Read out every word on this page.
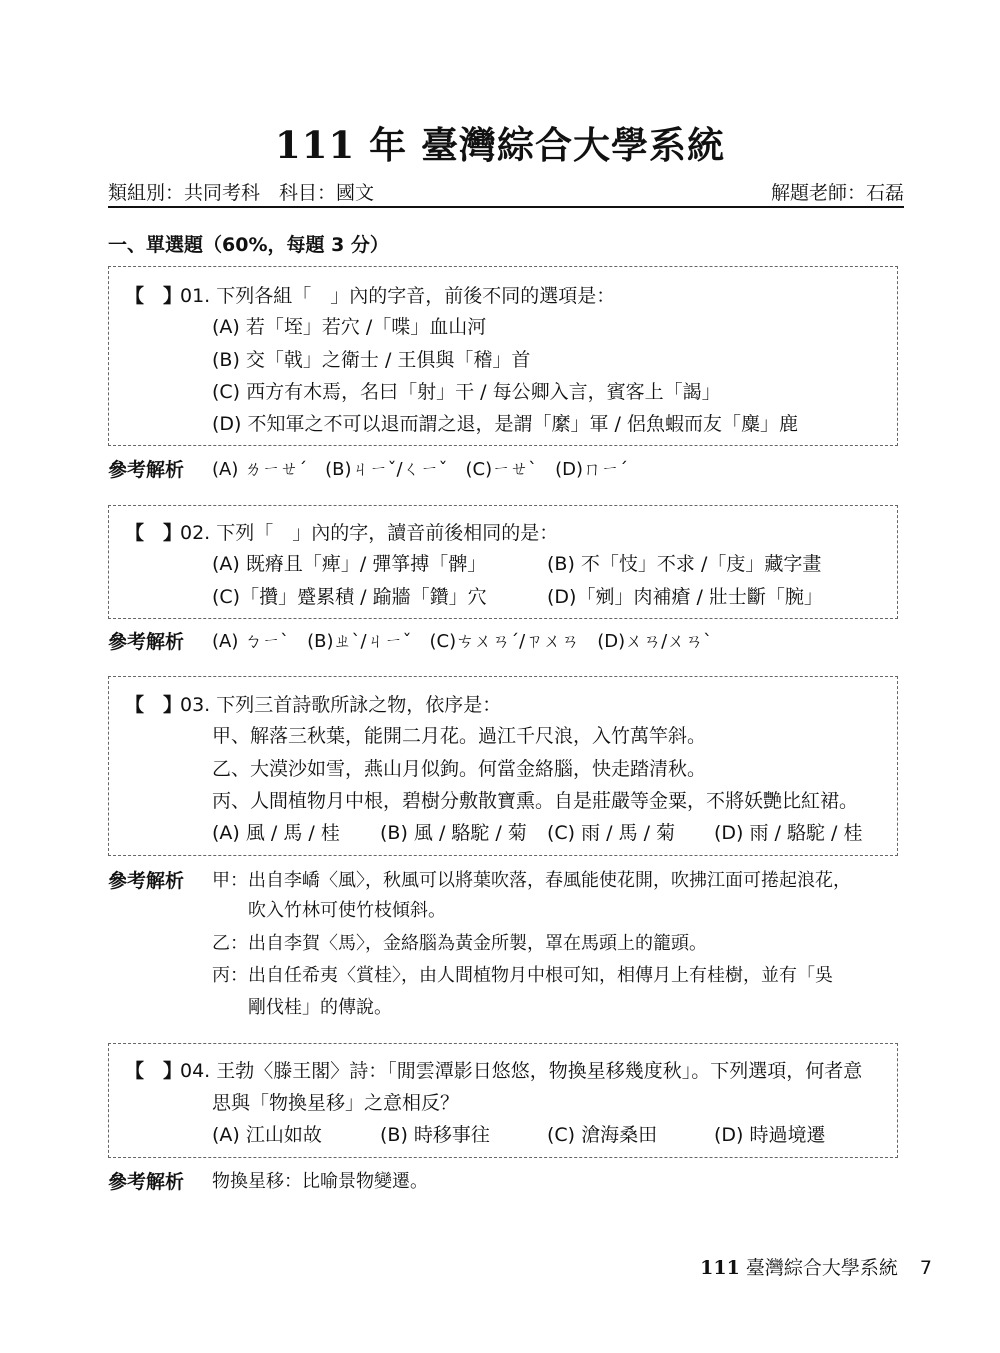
111 年 臺灣綜合大學系統
類組別：共同考科　科目：國文	解題老師：石磊
一、單選題（60%，每題 3 分）
【　】
01. 下列各組「　」內的字音，前後不同的選項是：
(A) 若「垤」若穴 /「喋」血山河
(B) 交「戟」之衛士 / 王俱與「稽」首
(C) 西方有木焉，名曰「射」干 / 每公卿入言，賓客上「謁」
(D) 不知軍之不可以退而謂之退，是謂「縻」軍 / 侶魚蝦而友「麋」鹿
參考解析 (A) ㄌㄧㄝˊ　(B)ㄐㄧˇ/ㄑㄧˇ　(C)ㄧㄝˋ　(D)ㄇㄧˊ
【　】
02. 下列「　」內的字，讀音前後相同的是：
(A) 既瘠且「痺」/ 彈箏搏「髀」	(B) 不「忮」不求 /「庋」藏字畫
(C)「攢」蹙累積 / 踰牆「鑽」穴	(D)「剜」肉補瘡 / 壯士斷「腕」
參考解析 (A) ㄅㄧˋ　(B)ㄓˋ/ㄐㄧˇ　(C)ㄘㄨㄢˊ/ㄗㄨㄢ　(D)ㄨㄢ/ㄨㄢˋ
【　】
03. 下列三首詩歌所詠之物，依序是：
甲、解落三秋葉，能開二月花。過江千尺浪，入竹萬竿斜。
乙、大漠沙如雪，燕山月似鉤。何當金絡腦，快走踏清秋。
丙、人間植物月中根，碧樹分敷散寶熏。自是莊嚴等金粟，不將妖艷比紅裙。
(A) 風 / 馬 / 桂 (B) 風 / 駱駝 / 菊 (C) 雨 / 馬 / 菊 (D) 雨 / 駱駝 / 桂
參考解析 甲：出自李嶠〈風〉，秋風可以將葉吹落，春風能使花開，吹拂江面可捲起浪花，
吹入竹林可使竹枝傾斜。
乙：出自李賀〈馬〉，金絡腦為黃金所製，罩在馬頭上的籠頭。
丙：出自任希夷〈賞桂〉，由人間植物月中根可知，相傳月上有桂樹，並有「吳
剛伐桂」的傳說。
【　】
04. 王勃〈滕王閣〉詩：「閒雲潭影日悠悠，物換星移幾度秋」。下列選項，何者意
思與「物換星移」之意相反？
(A) 江山如故	(B) 時移事往	(C) 滄海桑田	(D) 時過境遷
參考解析 物換星移：比喻景物變遷。
111 臺灣綜合大學系統 7
